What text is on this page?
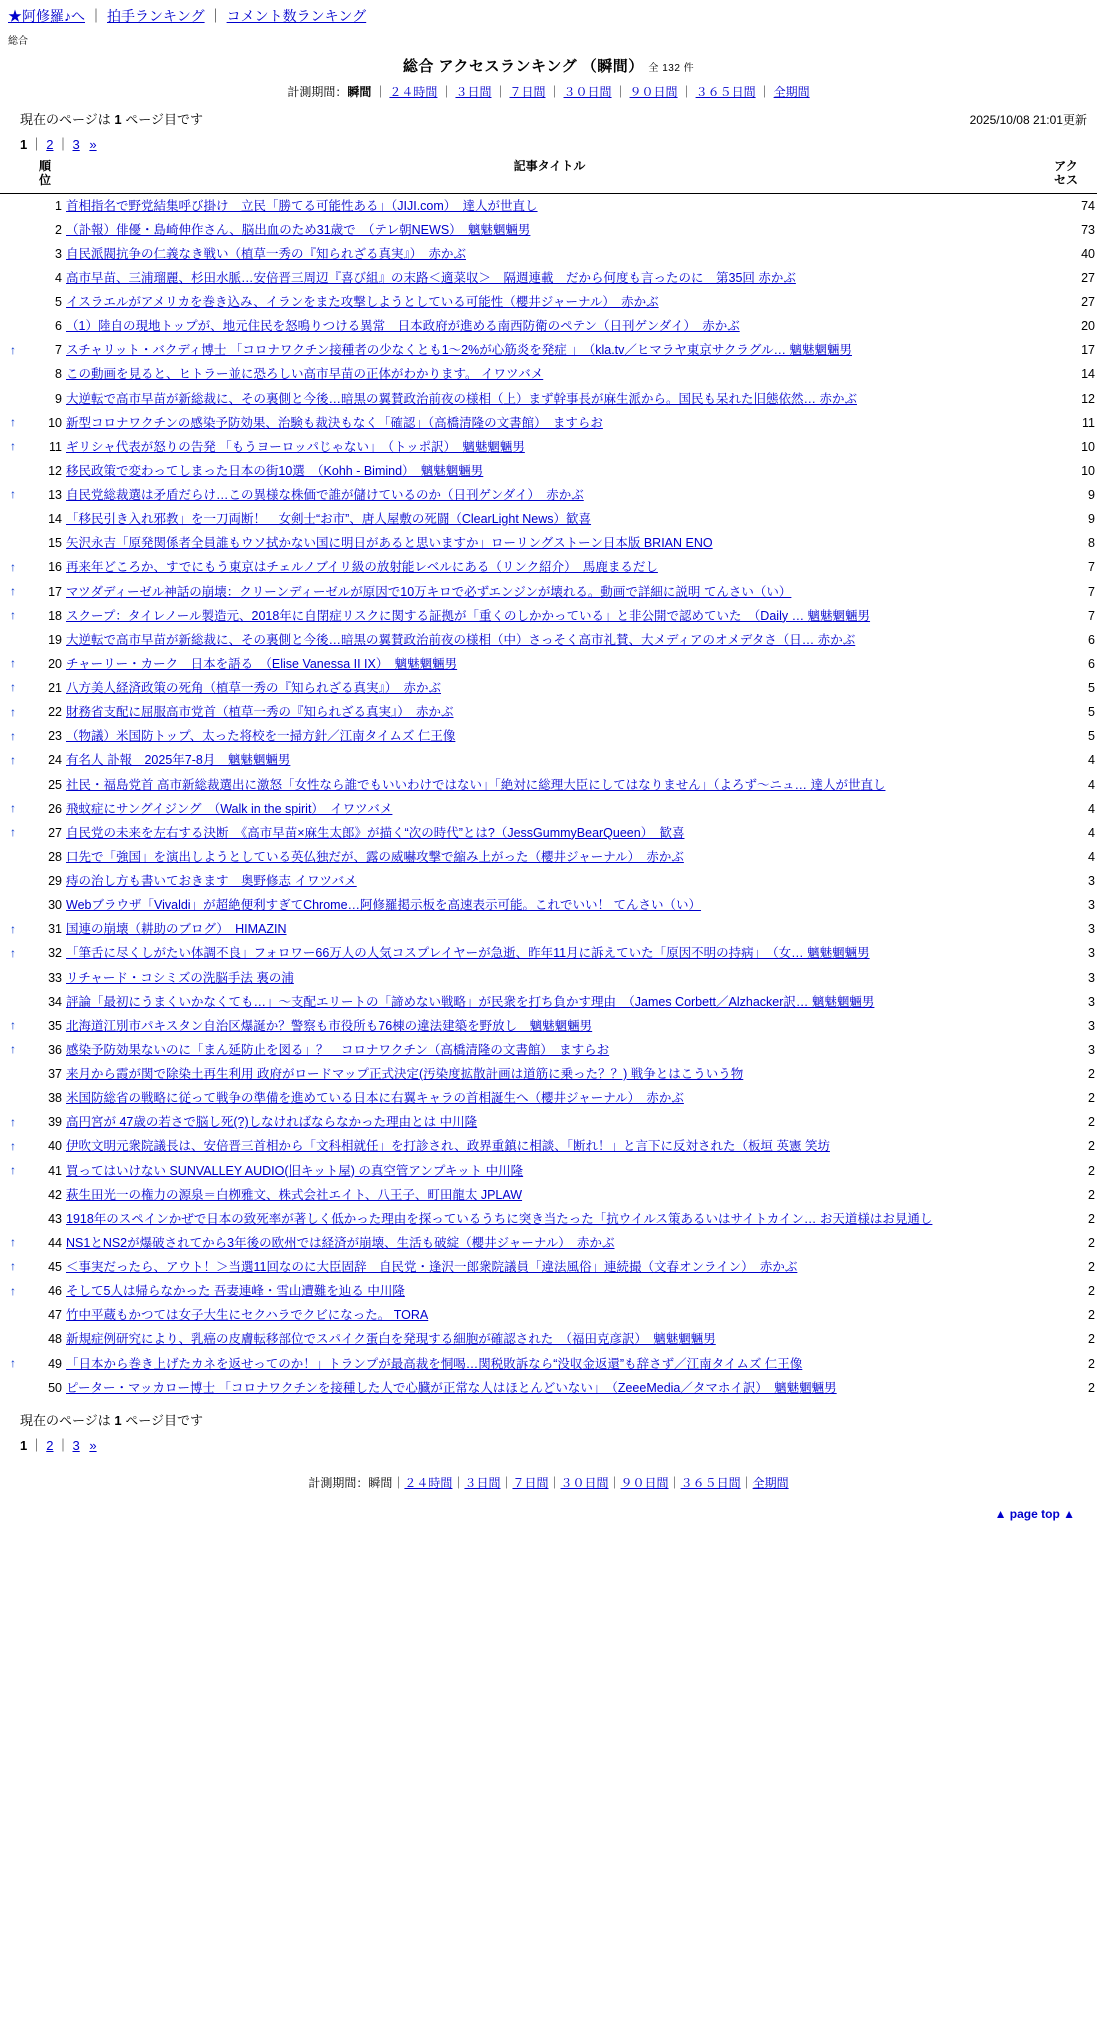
★阿修羅♪へ ｜ 拍手ランキング ｜ コメント数ランキング
総合
総合 アクセスランキング （瞬間） 全 132 件
計測期間：瞬間 ｜ ２４時間 ｜ ３日間 ｜ ７日間 ｜ ３０日間 ｜ ９０日間 ｜ ３６５日間 ｜ 全期間
現在のページは 1 ページ目です	2025/10/08 21:01更新
1 ｜ 2 ｜ 3 »

順
位
	記事タイトル	アク
セス

	1	首相指名で野党結集呼び掛け　立民「勝てる可能性ある」（JIJI.com）　達人が世直し	74
	2	（訃報）俳優・島崎伸作さん、脳出血のため31歳で　（テレ朝NEWS）　魑魅魍魎男	73
	3	自民派閥抗争の仁義なき戦い（植草一秀の『知られざる真実』）　赤かぶ	40
	4	高市早苗、三浦瑠麗、杉田水脈…安倍晋三周辺『喜び組』の末路＜適菜収＞　隔週連載　だから何度も言ったのに　第35回 赤かぶ	27
	5	イスラエルがアメリカを巻き込み、イランをまた攻撃しようとしている可能性（櫻井ジャーナル）　赤かぶ	27
	6	（1）陸自の現地トップが、地元住民を怒鳴りつける異常　日本政府が進める南西防衛のペテン（日刊ゲンダイ）　赤かぶ	20
↑	7	スチャリット・バクディ博士 「コロナワクチン接種者の少なくとも1～2%が心筋炎を発症 」　（kla.tv／ヒマラヤ東京サクラグル… 魑魅魍魎男	17
	8	この動画を見ると、ヒトラー並に恐ろしい高市早苗の正体がわかります。 イワツバメ	14
	9	大逆転で高市早苗が新総裁に、その裏側と今後…暗黒の翼賛政治前夜の様相（上）まず幹事長が麻生派から。国民も呆れた旧態依然… 赤かぶ	12
↑	10	新型コロナワクチンの感染予防効果、治験も裁決もなく「確認」（高橋清隆の文書館）　ますらお	11
↑	11	ギリシャ代表が怒りの告発 「もうヨーロッパじゃない」　（トッポ訳）　魑魅魍魎男	10
	12	移民政策で変わってしまった日本の街10選　（Kohh - Bimind）　魑魅魍魎男	10
↑	13	自民党総裁選は矛盾だらけ…この異様な株価で誰が儲けているのか（日刊ゲンダイ）　赤かぶ	9
	14	「移民引き入れ邪教」を一刀両断！　女剣士“お市”、唐人屋敷の死闘（ClearLight News）歓喜	9
	15	矢沢永吉「原発関係者全員誰もウソ拭かない国に明日があると思いますか」ローリングストーン日本版 BRIAN ENO	8
↑	16	再来年どころか、すでにもう東京はチェルノブイリ級の放射能レベルにある（リンク紹介）　馬鹿まるだし	7
↑	17	マツダディーゼル神話の崩壊：クリーンディーゼルが原因で10万キロで必ずエンジンが壊れる。動画で詳細に説明 てんさい（い）	7
↑	18	スクープ：タイレノール製造元、2018年に自閉症リスクに関する証拠が「重くのしかかっている」と非公開で認めていた　（Daily … 魑魅魍魎男	7
	19	大逆転で高市早苗が新総裁に、その裏側と今後…暗黒の翼賛政治前夜の様相（中）さっそく高市礼賛、大メディアのオメデタさ（日… 赤かぶ	6
↑	20	チャーリー・カーク　日本を語る　（Elise Vanessa II IX）　魑魅魍魎男	6
↑	21	八方美人経済政策の死角（植草一秀の『知られざる真実』）　赤かぶ	5
↑	22	財務省支配に屈服高市党首（植草一秀の『知られざる真実』）　赤かぶ	5
↑	23	（物議）米国防トップ、太った将校を一掃方針／江南タイムズ 仁王像	5
↑	24	有名人 訃報　2025年7-8月　魑魅魍魎男	4
	25	社民・福島党首 高市新総裁選出に激怒「女性なら誰でもいいわけではない」「絶対に総理大臣にしてはなりません」（よろず〜ニュ… 達人が世直し	4
↑	26	飛蚊症にサングイジング　（Walk in the spirit）　イワツバメ	4
↑	27	自民党の未来を左右する決断　《高市早苗×麻生太郎》が描く“次の時代”とは?（JessGummyBearQueen）　歓喜	4
	28	口先で「強国」を演出しようとしている英仏独だが、露の威嚇攻撃で縮み上がった（櫻井ジャーナル）　赤かぶ	4
	29	痔の治し方も書いておきます　奥野修志 イワツバメ	3
	30	Webブラウザ「Vivaldi」が超絶便利すぎてChrome…阿修羅掲示板を高速表示可能。これでいい！ てんさい（い）	3
↑	31	国連の崩壊（耕助のブログ）　HIMAZIN	3
↑	32	「筆舌に尽くしがたい体調不良」フォロワー66万人の人気コスプレイヤーが急逝、昨年11月に訴えていた「原因不明の持病」　（女… 魑魅魍魎男	3
	33	リチャード・コシミズの洗脳手法 裏の浦	3
	34	評論「最初にうまくいかなくても…」〜支配エリートの「諦めない戦略」が民衆を打ち負かす理由　（James Corbett／Alzhacker訳… 魑魅魍魎男	3
↑	35	北海道江別市パキスタン自治区爆誕か？警察も市役所も76棟の違法建築を野放し　魑魅魍魎男	3
↑	36	感染予防効果ないのに「まん延防止を図る」？　コロナワクチン（高橋清隆の文書館）　ますらお	3
	37	来月から霞が関で除染土再生利用 政府がロードマップ正式決定(汚染度拡散計画は道筋に乗った？？) 戦争とはこういう物	2
	38	米国防総省の戦略に従って戦争の準備を進めている日本に右翼キャラの首相誕生へ（櫻井ジャーナル）　赤かぶ	2
↑	39	高円宮が 47歳の若さで脳し死(?)しなければならなかった理由とは 中川隆	2
↑	40	伊吹文明元衆院議長は、安倍晋三首相から「文科相就任」を打診され、政界重鎮に相談、「断れ！」と言下に反対された（板垣 英憲 笑坊	2
↑	41	買ってはいけない SUNVALLEY AUDIO(旧キット屋) の真空管アンプキット 中川隆	2
	42	萩生田光一の権力の源泉＝白栁雅文、株式会社エイト、八王子、町田龍太 JPLAW	2
	43	1918年のスペインかぜで日本の致死率が著しく低かった理由を探っているうちに突き当たった「抗ウイルス策あるいはサイトカイン… お天道様はお見通し	2
↑	44	NS1とNS2が爆破されてから3年後の欧州では経済が崩壊、生活も破綻（櫻井ジャーナル）　赤かぶ	2
↑	45	＜事実だったら、アウト！＞当選11回なのに大臣固辞　自民党・逢沢一郎衆院議員「違法風俗」連続撮（文春オンライン）　赤かぶ	2
↑	46	そして5人は帰らなかった 吾妻連峰・雪山遭難を辿る 中川隆	2
	47	竹中平蔵もかつては女子大生にセクハラでクビになった。 TORA	2
	48	新規症例研究により、乳癌の皮膚転移部位でスパイク蛋白を発現する細胞が確認された　（福田克彦訳）　魑魅魍魎男	2
↑	49	「日本から巻き上げたカネを返せってのか！」トランプが最高裁を恫喝…関税敗訴なら“没収金返還”も辞さず／江南タイムズ 仁王像	2
	50	ピーター・マッカロー博士 「コロナワクチンを接種した人で心臓が正常な人はほとんどいない」　（ZeeeMedia／タマホイ訳）　魑魅魍魎男	2
現在のページは 1 ページ目です
1 ｜ 2 ｜ 3 »
計測期間：瞬間｜２４時間｜３日間｜７日間｜３０日間｜９０日間｜３６５日間｜全期間
▲ page top ▲
